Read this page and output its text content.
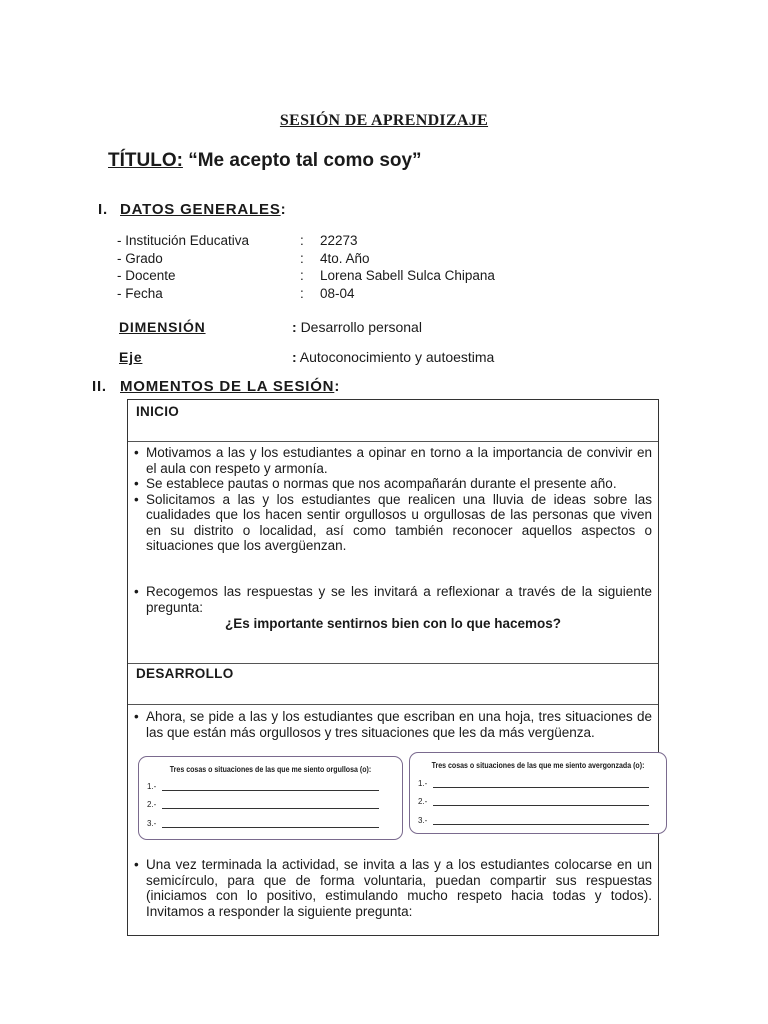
SESIÓN DE APRENDIZAJE
TÍTULO: “Me acepto tal como soy”
I. DATOS GENERALES:
- Institución Educativa	:	22273
- Grado	:	4to. Año
- Docente	:	Lorena Sabell Sulca Chipana
- Fecha	:	08-04
DIMENSIÓN	: Desarrollo personal
Eje	: Autoconocimiento y autoestima
II. MOMENTOS DE LA SESIÓN:
INICIO
• Motivamos a las y los estudiantes a opinar en torno a la importancia de convivir en el aula con respeto y armonía.
• Se establece pautas o normas que nos acompañarán durante el presente año.
• Solicitamos a las y los estudiantes que realicen una lluvia de ideas sobre las cualidades que los hacen sentir orgullosos u orgullosas de las personas que viven en su distrito o localidad, así como también reconocer aquellos aspectos o situaciones que los avergüenzan.
• Recogemos las respuestas y se les invitará a reflexionar a través de la siguiente pregunta:
¿Es importante sentirnos bien con lo que hacemos?
DESARROLLO
• Ahora, se pide a las y los estudiantes que escriban en una hoja, tres situaciones de las que están más orgullosos y tres situaciones que les da más vergüenza.
Tres cosas o situaciones de las que me siento orgullosa (o):
1.-
2.-
3.-
Tres cosas o situaciones de las que me siento avergonzada (o):
1.-
2.-
3.-
• Una vez terminada la actividad, se invita a las y a los estudiantes colocarse en un semicírculo, para que de forma voluntaria, puedan compartir sus respuestas (iniciamos con lo positivo, estimulando mucho respeto hacia todas y todos). Invitamos a responder la siguiente pregunta:
